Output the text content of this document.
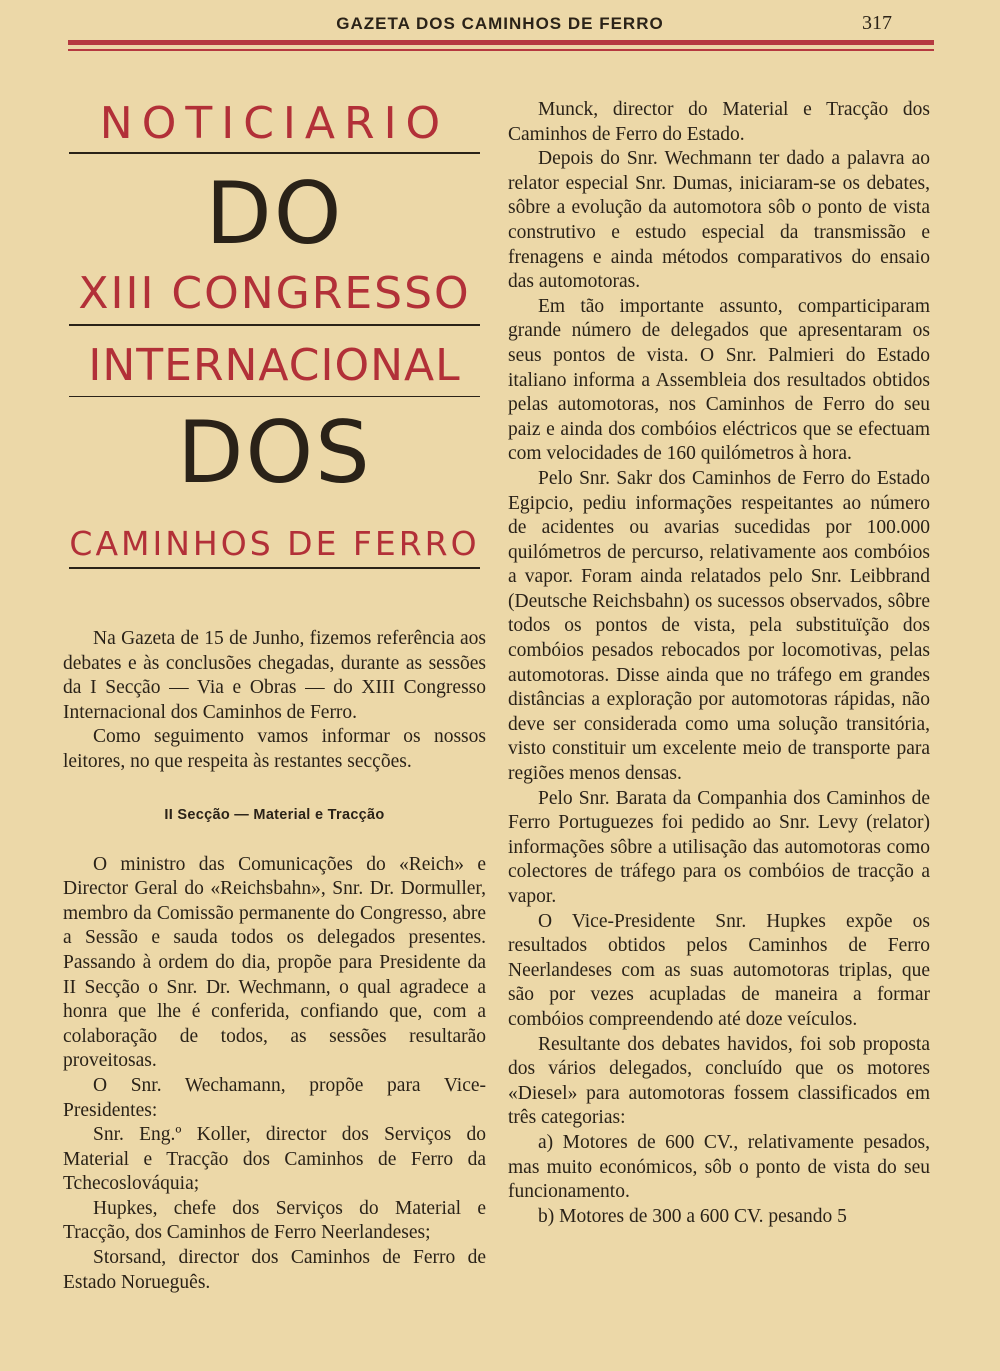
GAZETA DOS CAMINHOS DE FERRO	317
NOTICIARIO
DO
XIII CONGRESSO
INTERNACIONAL
DOS
CAMINHOS DE FERRO

Na Gazeta de 15 de Junho, fizemos referência aos debates e às conclusões chegadas, durante as sessões da I Secção — Via e Obras — do XIII Congresso Internacional dos Caminhos de Ferro.

Como seguimento vamos informar os nossos leitores, no que respeita às restantes secções.

II Secção — Material e Tracção

O ministro das Comunicações do «Reich» e Director Geral do «Reichsbahn», Snr. Dr. Dormuller, membro da Comissão permanente do Congresso, abre a Sessão e sauda todos os delegados presentes. Passando à ordem do dia, propõe para Presidente da II Secção o Snr. Dr. Wechmann, o qual agradece a honra que lhe é conferida, confiando que, com a colaboração de todos, as sessões resultarão proveitosas.

O Snr. Wechamann, propõe para Vice-Presidentes:

Snr. Eng.º Koller, director dos Serviços do Material e Tracção dos Caminhos de Ferro da Tchecoslováquia;

Hupkes, chefe dos Serviços do Material e Tracção, dos Caminhos de Ferro Neerlandeses;

Storsand, director dos Caminhos de Ferro de Estado Norueguês.

Munck, director do Material e Tracção dos Caminhos de Ferro do Estado.

Depois do Snr. Wechmann ter dado a palavra ao relator especial Snr. Dumas, iniciaram-se os debates, sôbre a evolução da automotora sôb o ponto de vista construtivo e estudo especial da transmissão e frenagens e ainda métodos comparativos do ensaio das automotoras.

Em tão importante assunto, comparticiparam grande número de delegados que apresentaram os seus pontos de vista. O Snr. Palmieri do Estado italiano informa a Assembleia dos resultados obtidos pelas automotoras, nos Caminhos de Ferro do seu paiz e ainda dos combóios eléctricos que se efectuam com velocidades de 160 quilómetros à hora.

Pelo Snr. Sakr dos Caminhos de Ferro do Estado Egipcio, pediu informações respeitantes ao número de acidentes ou avarias sucedidas por 100.000 quilómetros de percurso, relativamente aos combóios a vapor. Foram ainda relatados pelo Snr. Leibbrand (Deutsche Reichsbahn) os sucessos observados, sôbre todos os pontos de vista, pela substituïção dos combóios pesados rebocados por locomotivas, pelas automotoras. Disse ainda que no tráfego em grandes distâncias a exploração por automotoras rápidas, não deve ser considerada como uma solução transitória, visto constituir um excelente meio de transporte para regiões menos densas.

Pelo Snr. Barata da Companhia dos Caminhos de Ferro Portuguezes foi pedido ao Snr. Levy (relator) informações sôbre a utilisação das automotoras como colectores de tráfego para os combóios de tracção a vapor.

O Vice-Presidente Snr. Hupkes expõe os resultados obtidos pelos Caminhos de Ferro Neerlandeses com as suas automotoras triplas, que são por vezes acupladas de maneira a formar combóios compreendendo até doze veículos.

Resultante dos debates havidos, foi sob proposta dos vários delegados, concluído que os motores «Diesel» para automotoras fossem classificados em três categorias:

a) Motores de 600 CV., relativamente pesados, mas muito económicos, sôb o ponto de vista do seu funcionamento.

b) Motores de 300 a 600 CV. pesando 5
